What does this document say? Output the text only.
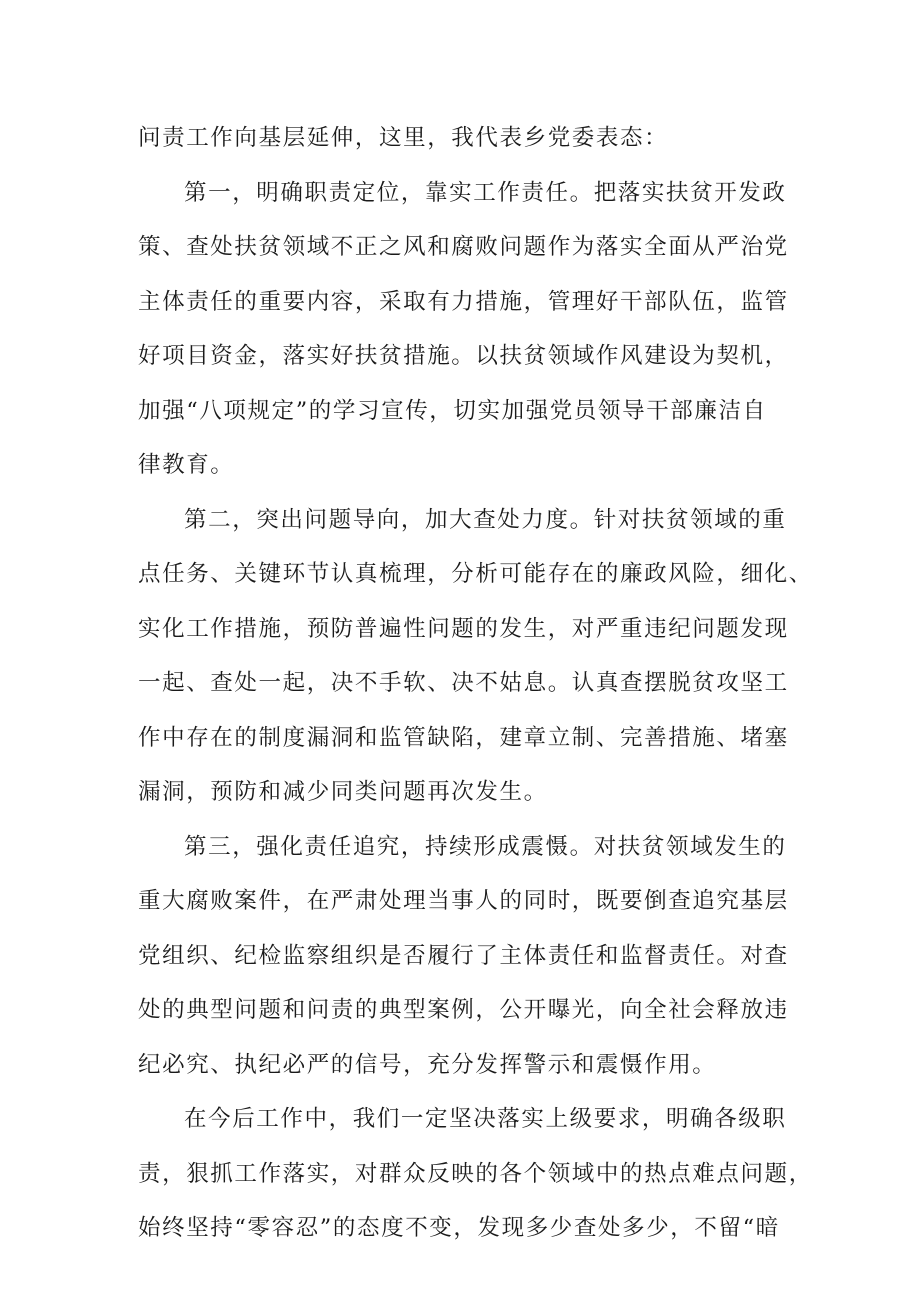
问责工作向基层延伸，这里，我代表乡党委表态：
第一，明确职责定位，靠实工作责任。把落实扶贫开发政
策、查处扶贫领域不正之风和腐败问题作为落实全面从严治党
主体责任的重要内容，采取有力措施，管理好干部队伍，监管
好项目资金，落实好扶贫措施。以扶贫领域作风建设为契机，
加强“八项规定”的学习宣传，切实加强党员领导干部廉洁自
律教育。
第二，突出问题导向，加大查处力度。针对扶贫领域的重
点任务、关键环节认真梳理，分析可能存在的廉政风险，细化、
实化工作措施，预防普遍性问题的发生，对严重违纪问题发现
一起、查处一起，决不手软、决不姑息。认真查摆脱贫攻坚工
作中存在的制度漏洞和监管缺陷，建章立制、完善措施、堵塞
漏洞，预防和减少同类问题再次发生。
第三，强化责任追究，持续形成震慑。对扶贫领域发生的
重大腐败案件，在严肃处理当事人的同时，既要倒查追究基层
党组织、纪检监察组织是否履行了主体责任和监督责任。对查
处的典型问题和问责的典型案例，公开曝光，向全社会释放违
纪必究、执纪必严的信号，充分发挥警示和震慑作用。
在今后工作中，我们一定坚决落实上级要求，明确各级职
责，狠抓工作落实，对群众反映的各个领域中的热点难点问题，
始终坚持“零容忍”的态度不变，发现多少查处多少，不留“暗
